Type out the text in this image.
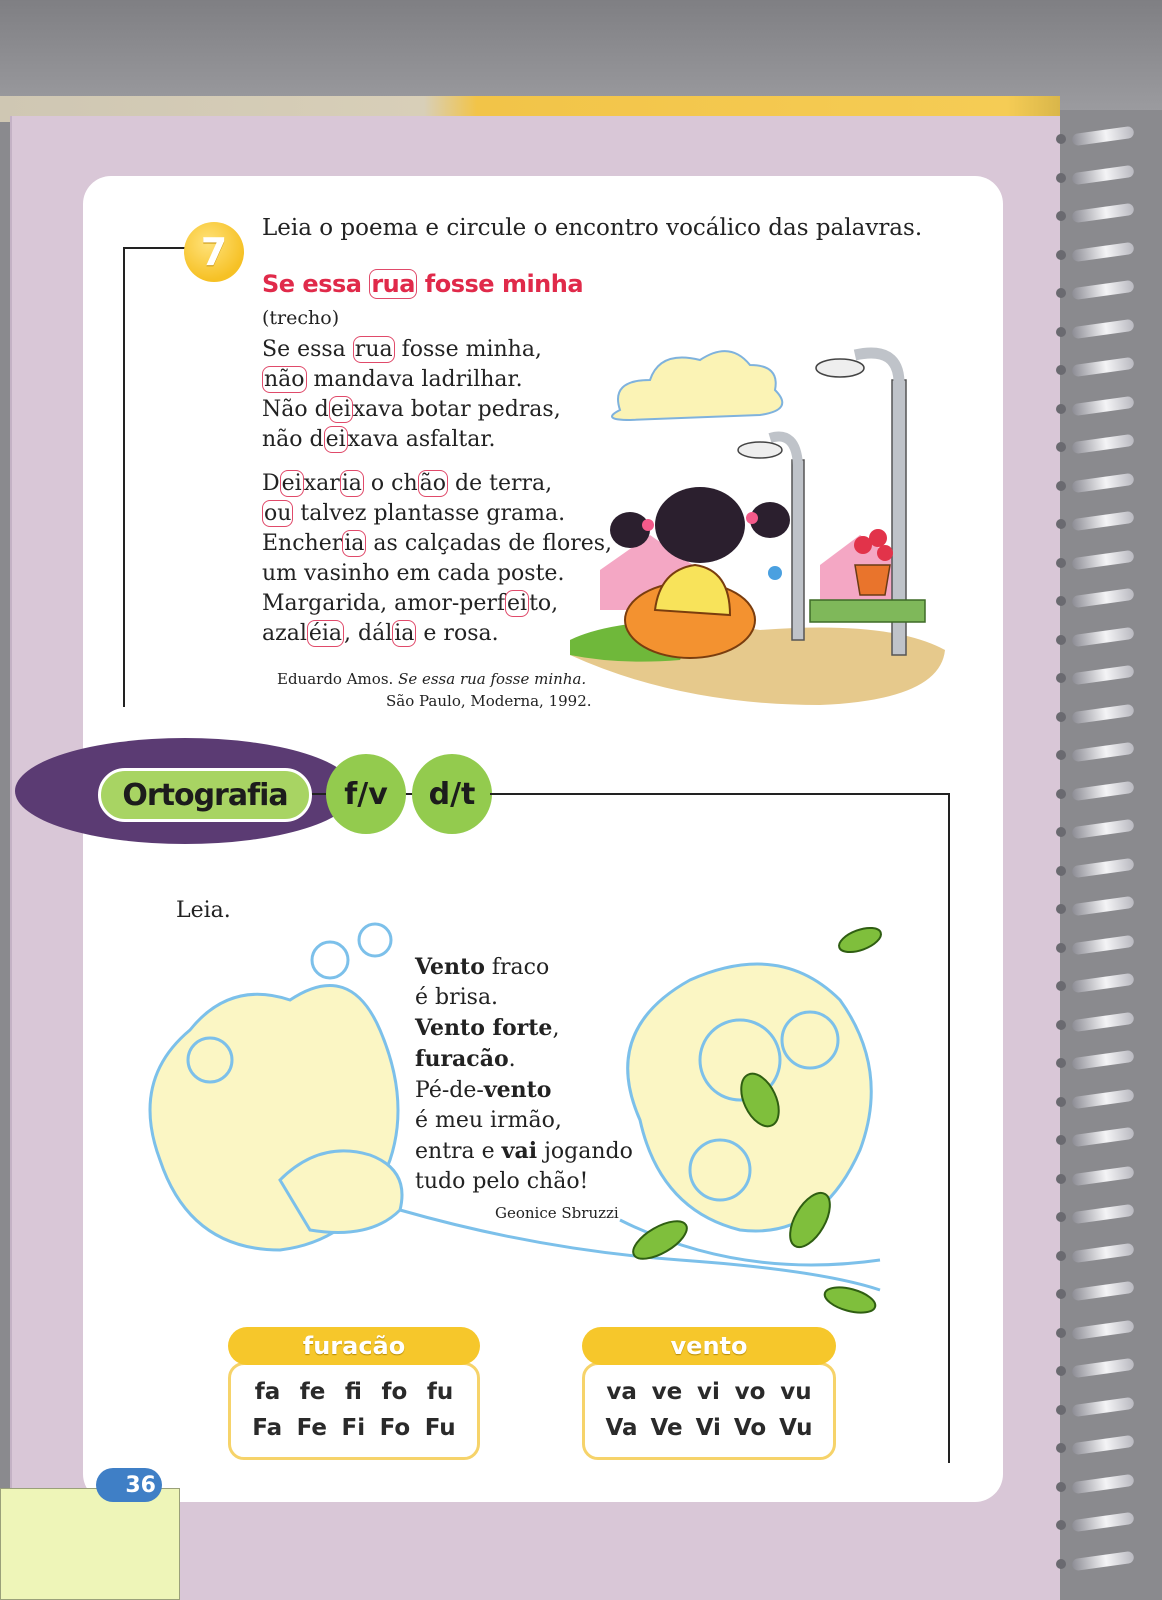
7
Leia o poema e circule o encontro vocálico das palavras.
Se essa rua fosse minha
(trecho)
Se essa rua fosse minha,
não mandava ladrilhar.
Não deixava botar pedras,
não deixava asfaltar.
Deixaria o chão de terra,
ou talvez plantasse grama.
Encheria as calçadas de flores,
um vasinho em cada poste.
Margarida, amor-perfeito,
azaléia, dália e rosa.
Eduardo Amos. Se essa rua fosse minha.
São Paulo, Moderna, 1992.
Ortografia	f/v	d/t
Leia.
Vento fraco
é brisa.
Vento forte,
furacão.
Pé-de-vento
é meu irmão,
entra e vai jogando
tudo pelo chão!
Geonice Sbruzzi
fa fe fi fo fu
Fa Fe Fi Fo Fu
furacão
va ve vi vo vu
Va Ve Vi Vo Vu
vento
36
